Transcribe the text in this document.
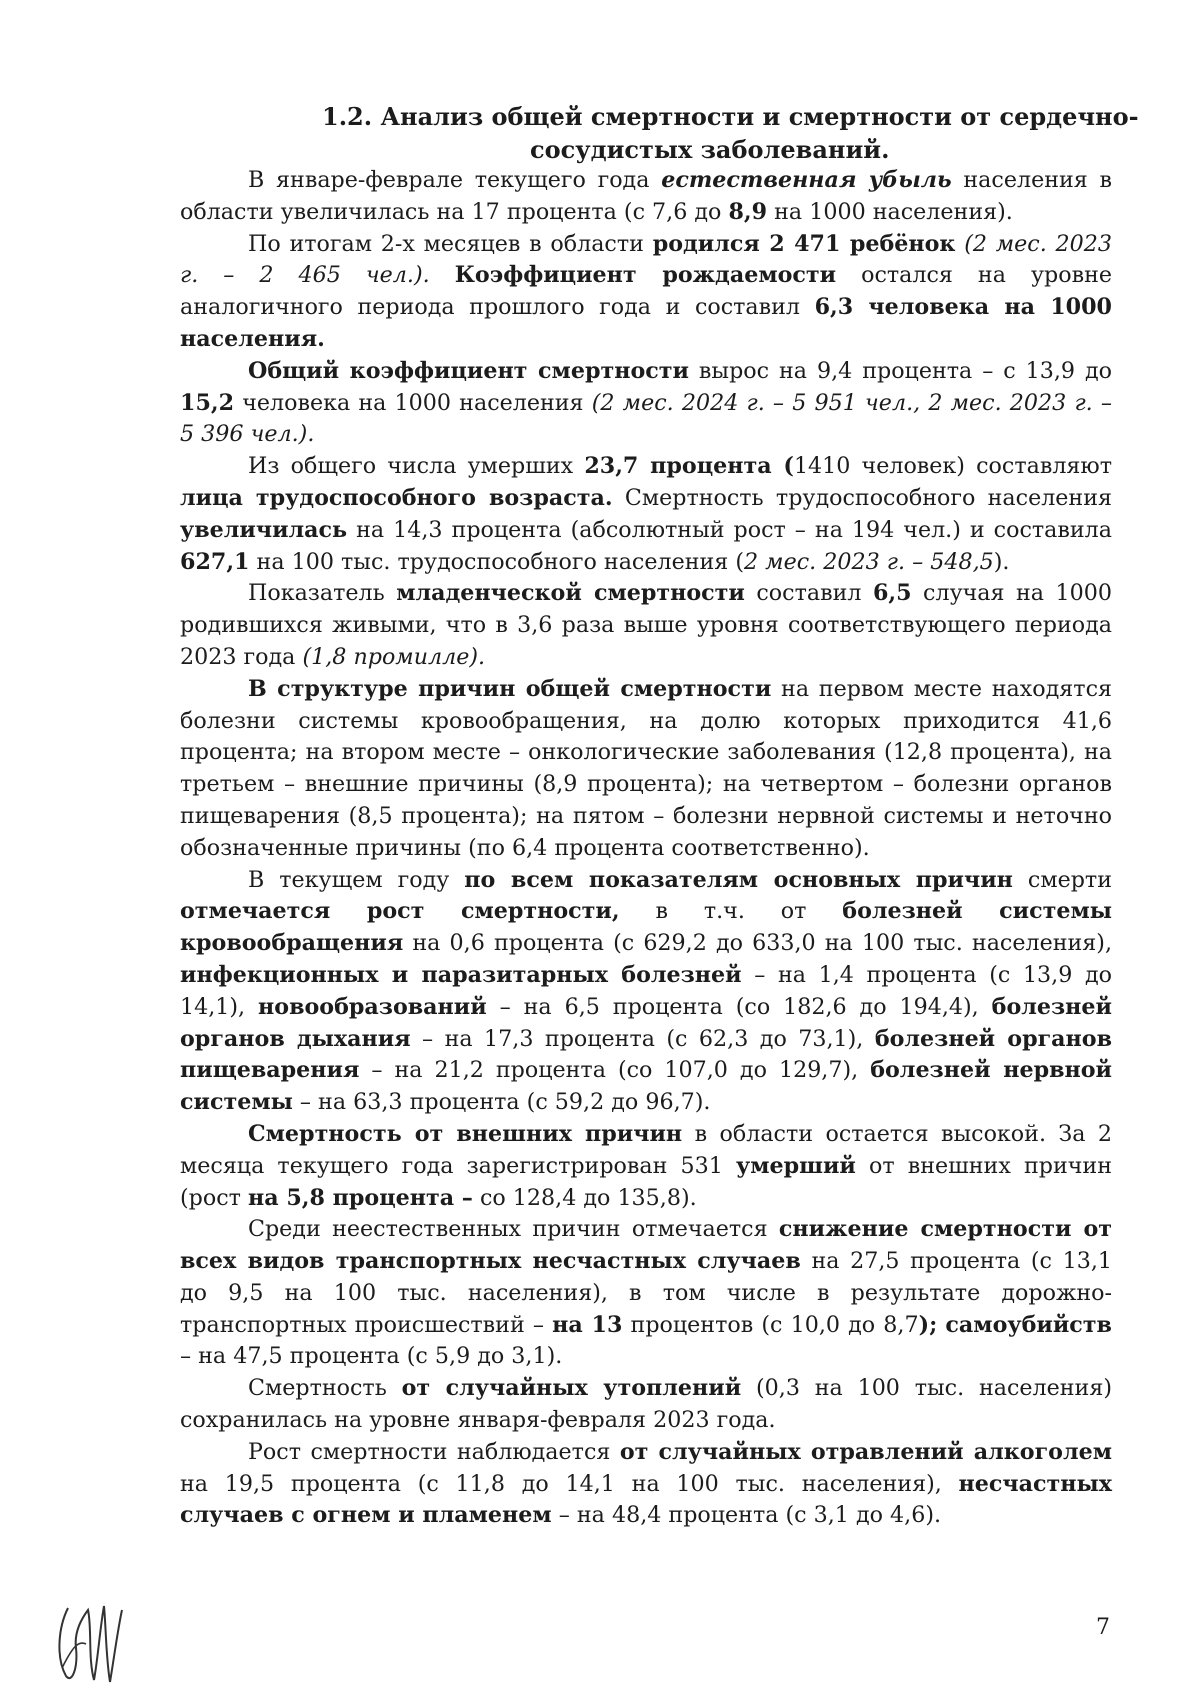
1.2. Анализ общей смертности и смертности от сердечно-
сосудистых заболеваний.

В январе-феврале текущего года естественная убыль населения в области увеличилась на 17 процента (с 7,6 до 8,9 на 1000 населения).

По итогам 2-х месяцев в области родился 2 471 ребёнок (2 мес. 2023 г. – 2 465 чел.). Коэффициент рождаемости остался на уровне аналогичного периода прошлого года и составил 6,3 человека на 1000 населения.

Общий коэффициент смертности вырос на 9,4 процента – с 13,9 до 15,2 человека на 1000 населения (2 мес. 2024 г. – 5 951 чел., 2 мес. 2023 г. – 5 396 чел.).

Из общего числа умерших 23,7 процента (1410 человек) составляют лица трудоспособного возраста. Смертность трудоспособного населения увеличилась на 14,3 процента (абсолютный рост – на 194 чел.) и составила 627,1 на 100 тыс. трудоспособного населения (2 мес. 2023 г. – 548,5).

Показатель младенческой смертности составил 6,5 случая на 1000 родившихся живыми, что в 3,6 раза выше уровня соответствующего периода 2023 года (1,8 промилле).

В структуре причин общей смертности на первом месте находятся болезни системы кровообращения, на долю которых приходится 41,6 процента; на втором месте – онкологические заболевания (12,8 процента), на третьем – внешние причины (8,9 процента); на четвертом – болезни органов пищеварения (8,5 процента); на пятом – болезни нервной системы и неточно обозначенные причины (по 6,4 процента соответственно).

В текущем году по всем показателям основных причин смерти отмечается рост смертности, в т.ч. от болезней системы кровообращения на 0,6 процента (с 629,2 до 633,0 на 100 тыс. населения), инфекционных и паразитарных болезней – на 1,4 процента (с 13,9 до 14,1), новообразований – на 6,5 процента (со 182,6 до 194,4), болезней органов дыхания – на 17,3 процента (с 62,3 до 73,1), болезней органов пищеварения – на 21,2 процента (со 107,0 до 129,7), болезней нервной системы – на 63,3 процента (с 59,2 до 96,7).

Смертность от внешних причин в области остается высокой. За 2 месяца текущего года зарегистрирован 531 умерший от внешних причин (рост на 5,8 процента – со 128,4 до 135,8).

Среди неестественных причин отмечается снижение смертности от всех видов транспортных несчастных случаев на 27,5 процента (с 13,1 до 9,5 на 100 тыс. населения), в том числе в результате дорожно-транспортных происшествий – на 13 процентов (с 10,0 до 8,7); самоубийств – на 47,5 процента (с 5,9 до 3,1).

Смертность от случайных утоплений (0,3 на 100 тыс. населения) сохранилась на уровне января-февраля 2023 года.

Рост смертности наблюдается от случайных отравлений алкоголем на 19,5 процента (с 11,8 до 14,1 на 100 тыс. населения), несчастных случаев с огнем и пламенем – на 48,4 процента (с 3,1 до 4,6).

7
